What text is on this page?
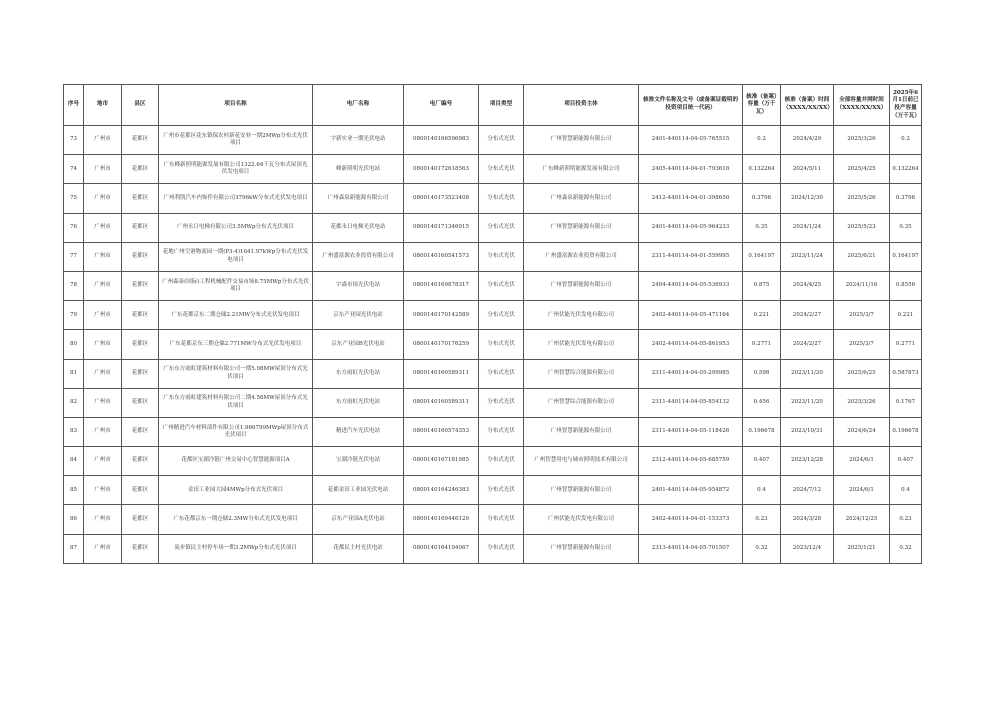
序号	地市	县区	项目名称	电厂名称	电厂编号	项目类型	项目投资主体	核准文件名称及文号（或备案证载明的投资项目统一代码）	核准（备案）容量（万千瓦）	核准（备案）时间（XXXX/XX/XX）	全部容量并网时间（XXXX/XX/XX）	2025年6月1日前已投产容量（万千瓦）
73	广州市	花都区	广州市花都区花东镇保农村新花安业一期2MWp分布式光伏项目	宇新实业一期光伏电站	0800140166596983	分布式光伏	广州智慧新能源有限公司	2401-440114-04-05-765515	0.2	2024/4/29	2025/3/26	0.2
74	广州市	花都区	广东峰新照明能源发展有限公司1322.64千瓦分布式屋顶光伏发电项目	峰新照明光伏电站	0800140172618563	分布式光伏	广东峰新照明能源发展有限公司	2405-440114-04-01-793618	0.132264	2024/5/11	2025/4/25	0.132264
75	广州市	花都区	广州利凯汽车内饰件有限公司3796kW分布式光伏发电项目	广州森泉新能源有限公司	0800140173523408	分布式光伏	广州森泉新能源有限公司	2412-440114-04-01-398650	0.3796	2024/12/30	2025/5/26	0.3796
76	广州市	花都区	广州永日电梯有限公司3.5MWp分布式光伏项目	花都永日电梯光伏电站	0800140171346915	分布式光伏	广州智慧新能源有限公司	2401-440114-04-05-964233	0.35	2024/1/24	2025/5/23	0.35
77	广州市	花都区	花地广州空港物流园一期(P3-4)1641.97kWp分布式光伏发电项目	广州盛富源农业投资有限公司	0800140160541573	分布式光伏	广州盛富源农业投资有限公司	2311-440114-04-01-559995	0.164197	2023/11/24	2025/6/21	0.164197
78	广州市	花都区	广州森泰(国际)工程机械配件交易市场8.75MWp分布式光伏项目	宇森市场光伏电站	0800140169878317	分布式光伏	广州智慧新能源有限公司	2404-440114-04-05-536933	0.875	2024/4/25	2024/11/16	0.8556
79	广州市	花都区	广东花都京东二期仓储2.21MW分布式光伏发电项目	京东产业园光伏电站	0800140170142589	分布式光伏	广州伏能光伏发电有限公司	2402-440114-04-05-471164	0.221	2024/2/27	2025/3/7	0.221
80	广州市	花都区	广东花都京东三期仓储2.771MW分布式光伏发电项目	京东产业园B光伏电站	0800140170176259	分布式光伏	广州伏能光伏发电有限公司	2402-440114-04-05-861953	0.2771	2024/2/27	2025/3/7	0.2771
81	广州市	花都区	广东东方雨虹建筑材料有限公司一期5.98MW屋顶分布式光伏项目	东方雨虹光伏电站	0800140160589311	分布式光伏	广州智慧综合能源有限公司	2311-440114-04-05-299985	0.598	2023/11/20	2025/6/25	0.587873
82	广州市	花都区	广东东方雨虹建筑材料有限公司二期4.56MW屋顶分布式光伏项目	东方雨虹光伏电站	0800140160589311	分布式光伏	广州智慧综合能源有限公司	2311-440114-04-05-854132	0.456	2023/11/20	2025/3/26	0.1767
83	广州市	花都区	广州精进汽车材料部件有限公司1.966799MWp屋顶分布式光伏项目	精进汽车光伏电站	0800140160574353	分布式光伏	广州智慧新能源有限公司	2311-440114-04-05-118426	0.196678	2023/10/31	2024/6/24	0.196678
84	广州市	花都区	花都区宝湖冷链广州交易中心智慧能源项目A	宝湖冷链光伏电站	0800140167181985	分布式光伏	广州智慧用电与城市照明技术有限公司	2312-440114-04-05-685759	0.407	2023/12/28	2024/6/1	0.407
85	广州市	花都区	金田工业园大园4MWp分布式光伏项目	花都金田工业园光伏电站	0800140164246383	分布式光伏	广州智慧新能源有限公司	2401-440114-04-05-954872	0.4	2024/7/12	2024/6/1	0.4
86	广州市	花都区	广东花都京东一期仓储2.3MW分布式光伏发电项目	京东产业园A光伏电站	0800140169446129	分布式光伏	广州伏能光伏发电有限公司	2402-440114-04-01-153373	0.23	2024/3/28	2024/12/25	0.23
87	广州市	花都区	炭步镇民主村停车场一期3.2MWp分布式光伏项目	花都民主村光伏电站	0800140164194067	分布式光伏	广州智慧新能源有限公司	2313-440114-04-05-701507	0.32	2023/12/4	2025/1/21	0.32
